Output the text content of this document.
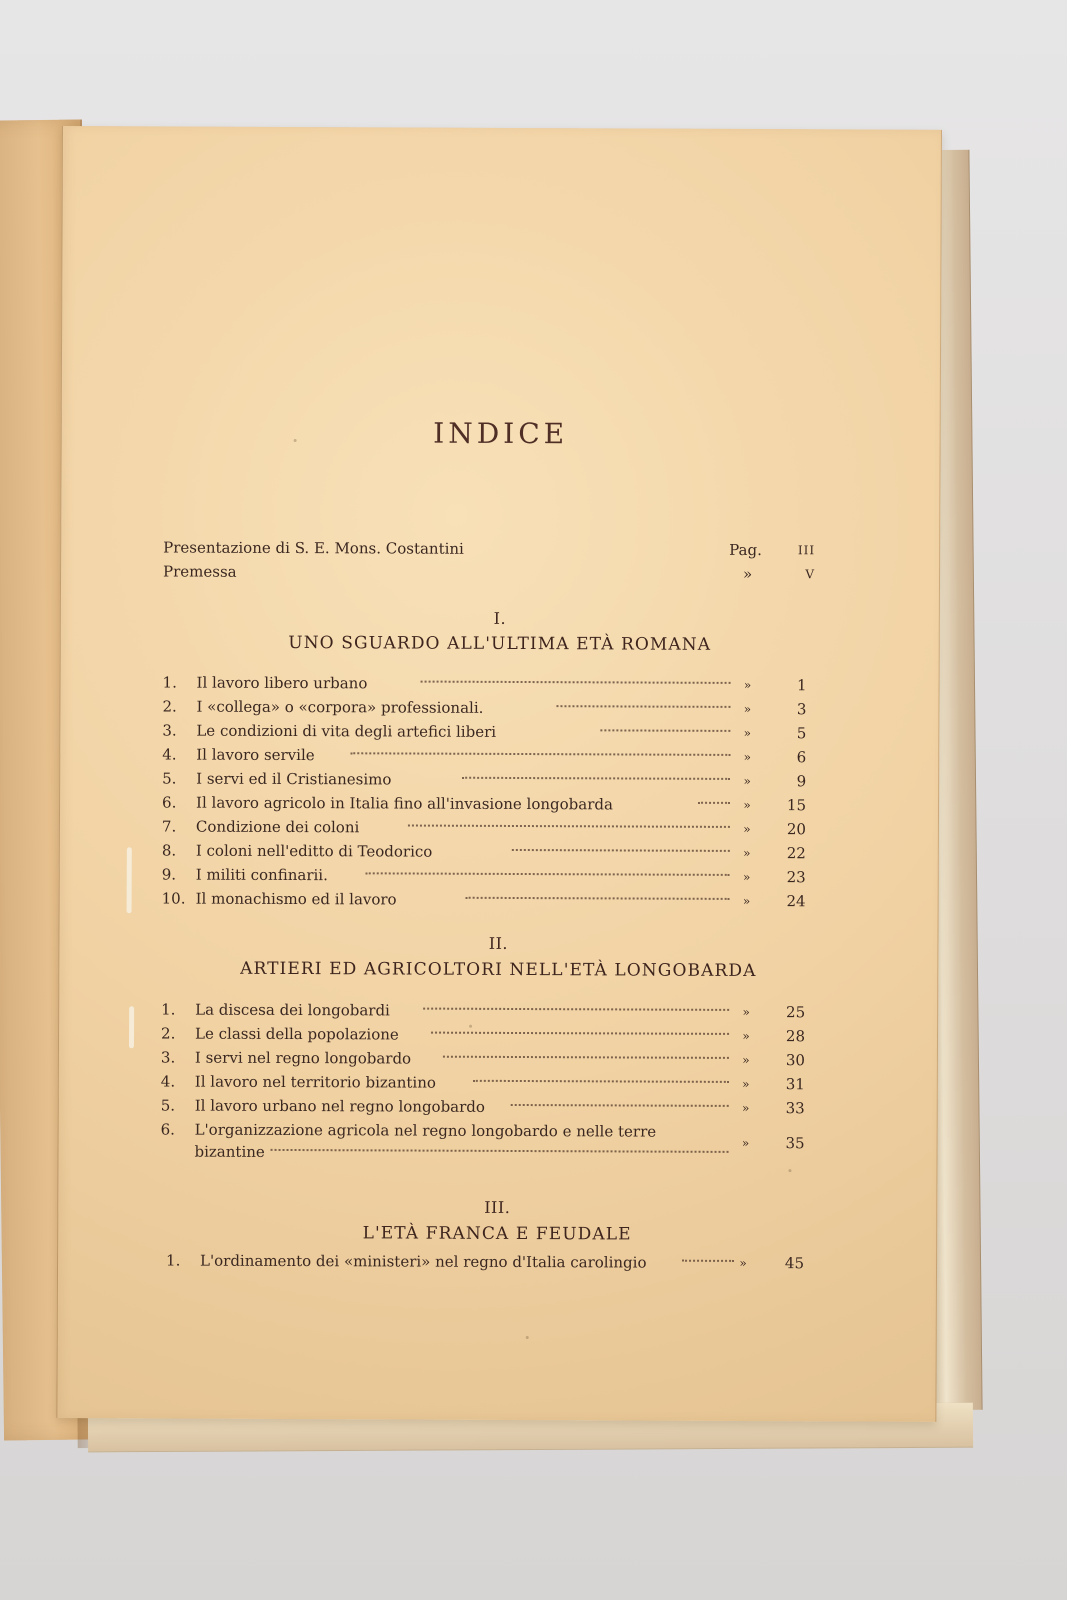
INDICE
Presentazione di S. E. Mons. Costantini	Pag.	III
Premessa	»	V
I.
UNO SGUARDO ALL'ULTIMA ETÀ ROMANA
1.	Il lavoro libero urbano	»	1
2.	I «collega» o «corpora» professionali.	»	3
3.	Le condizioni di vita degli artefici liberi	»	5
4.	Il lavoro servile	»	6
5.	I servi ed il Cristianesimo	»	9
6.	Il lavoro agricolo in Italia fino all'invasione longobarda	»	15
7.	Condizione dei coloni	»	20
8.	I coloni nell'editto di Teodorico	»	22
9.	I militi confinarii.	»	23
10. Il monachismo ed il lavoro	»	24
II.
ARTIERI ED AGRICOLTORI NELL'ETÀ LONGOBARDA
1.	La discesa dei longobardi	»	25
2.	Le classi della popolazione	»	28
3.	I servi nel regno longobardo	»	30
4.	Il lavoro nel territorio bizantino	»	31
5.	Il lavoro urbano nel regno longobardo	»	33
6.	L'organizzazione agricola nel regno longobardo e nelle terre
bizantine	»	35
III.
L'ETÀ FRANCA E FEUDALE
1.	L'ordinamento dei «ministeri» nel regno d'Italia carolingio	»	45
